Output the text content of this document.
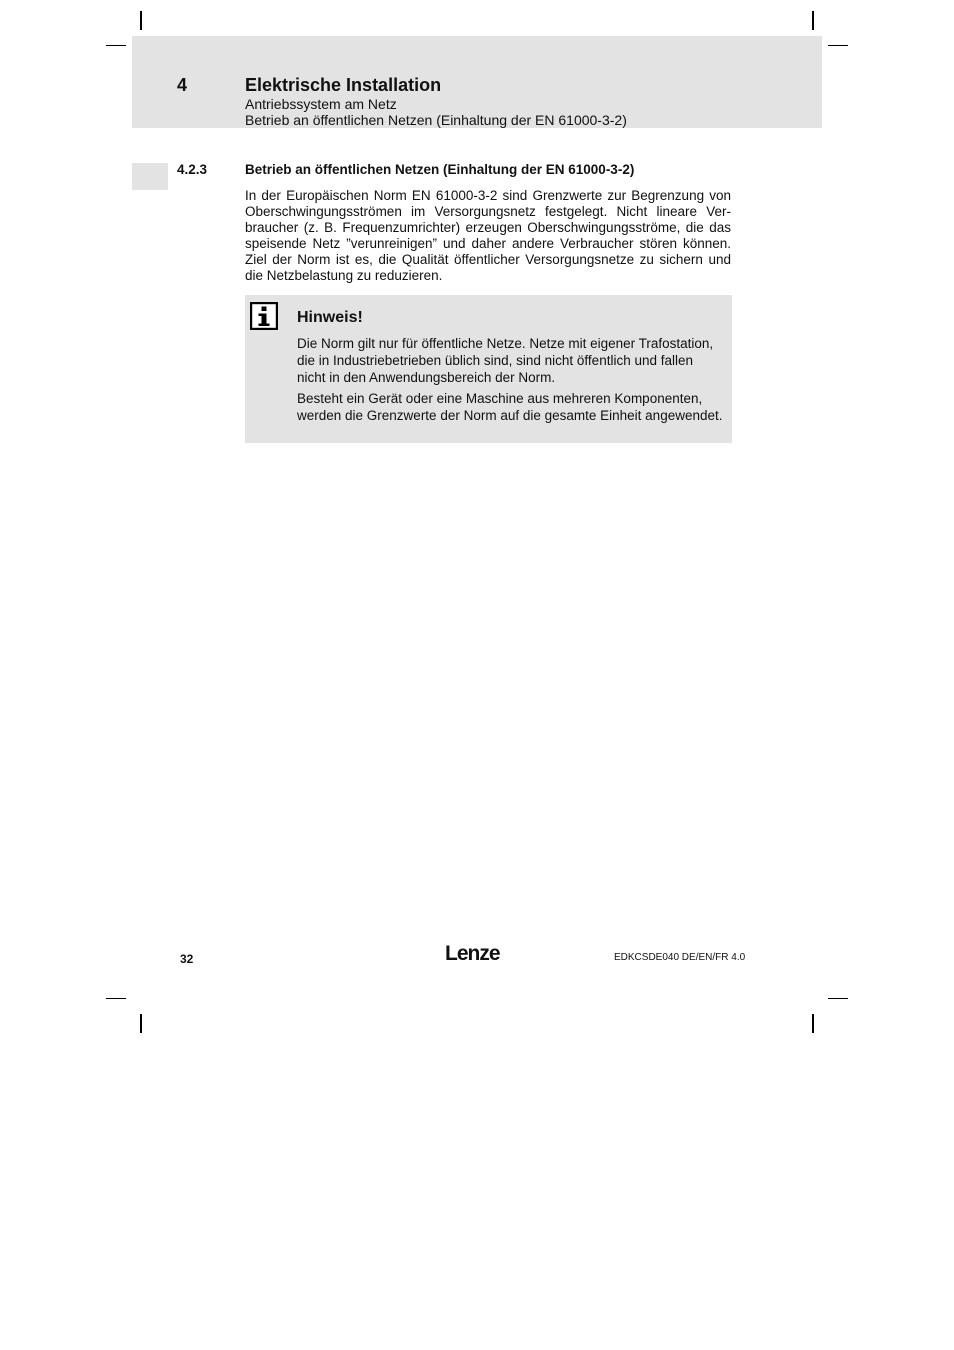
4	Elektrische Installation
Antriebssystem am Netz
Betrieb an öffentlichen Netzen (Einhaltung der EN 61000-3-2)
4.2.3	Betrieb an öffentlichen Netzen (Einhaltung der EN 61000-3-2)

In der Europäischen Norm EN 61000-3-2 sind Grenzwerte zur Begrenzung von Oberschwingungsströmen im Versorgungsnetz festgelegt. Nicht lineare Ver-braucher (z. B. Frequenzumrichter) erzeugen Oberschwingungsströme, die das speisende Netz ”verunreinigen” und daher andere Verbraucher stören können. Ziel der Norm ist es, die Qualität öffentlicher Versorgungsnetze zu sichern und die Netzbelastung zu reduzieren.

Hinweis!

Die Norm gilt nur für öffentliche Netze. Netze mit eigener Trafostation, die in Industriebetrieben üblich sind, sind nicht öffentlich und fallen nicht in den Anwendungsbereich der Norm.

Besteht ein Gerät oder eine Maschine aus mehreren Komponenten, werden die Grenzwerte der Norm auf die gesamte Einheit angewendet.

32	Lenze	EDKCSDE040 DE/EN/FR 4.0
